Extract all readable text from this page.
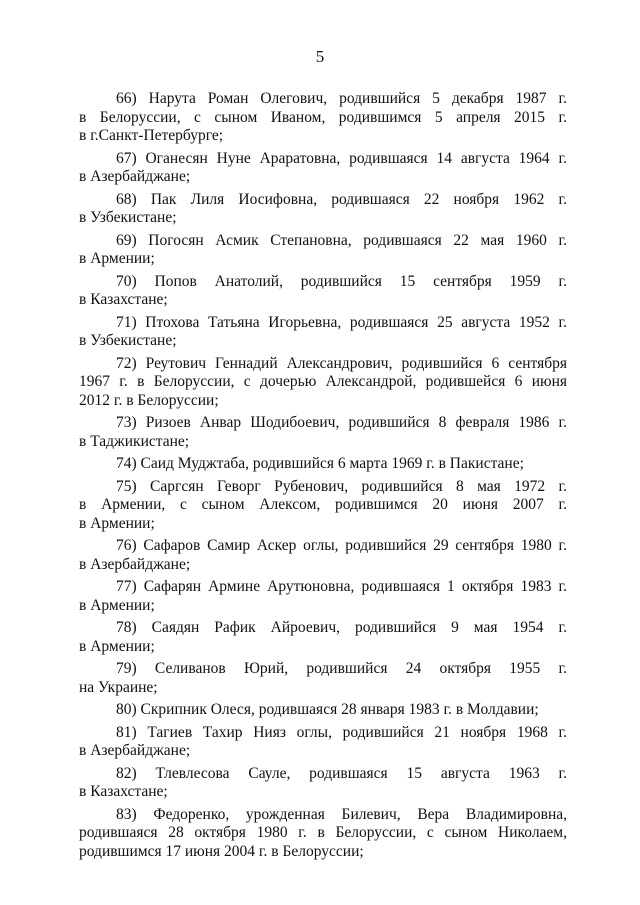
5
66) Нарута Роман Олегович, родившийся 5 декабря 1987 г.
в Белоруссии, с сыном Иваном, родившимся 5 апреля 2015 г.
в г.Санкт-Петербурге;
67) Оганесян Нуне Араратовна, родившаяся 14 августа 1964 г.
в Азербайджане;
68) Пак Лиля Иосифовна, родившаяся 22 ноября 1962 г.
в Узбекистане;
69) Погосян Асмик Степановна, родившаяся 22 мая 1960 г.
в Армении;
70) Попов Анатолий, родившийся 15 сентября 1959 г.
в Казахстане;
71) Птохова Татьяна Игорьевна, родившаяся 25 августа 1952 г.
в Узбекистане;
72) Реутович Геннадий Александрович, родившийся 6 сентября
1967 г. в Белоруссии, с дочерью Александрой, родившейся 6 июня
2012 г. в Белоруссии;
73) Ризоев Анвар Шодибоевич, родившийся 8 февраля 1986 г.
в Таджикистане;
74) Саид Муджтаба, родившийся 6 марта 1969 г. в Пакистане;
75) Саргсян Геворг Рубенович, родившийся 8 мая 1972 г.
в Армении, с сыном Алексом, родившимся 20 июня 2007 г.
в Армении;
76) Сафаров Самир Аскер оглы, родившийся 29 сентября 1980 г.
в Азербайджане;
77) Сафарян Армине Арутюновна, родившаяся 1 октября 1983 г.
в Армении;
78) Саядян Рафик Айроевич, родившийся 9 мая 1954 г.
в Армении;
79) Селиванов Юрий, родившийся 24 октября 1955 г.
на Украине;
80) Скрипник Олеся, родившаяся 28 января 1983 г. в Молдавии;
81) Тагиев Тахир Нияз оглы, родившийся 21 ноября 1968 г.
в Азербайджане;
82) Тлевлесова Сауле, родившаяся 15 августа 1963 г.
в Казахстане;
83) Федоренко, урожденная Билевич, Вера Владимировна,
родившаяся 28 октября 1980 г. в Белоруссии, с сыном Николаем,
родившимся 17 июня 2004 г. в Белоруссии;
